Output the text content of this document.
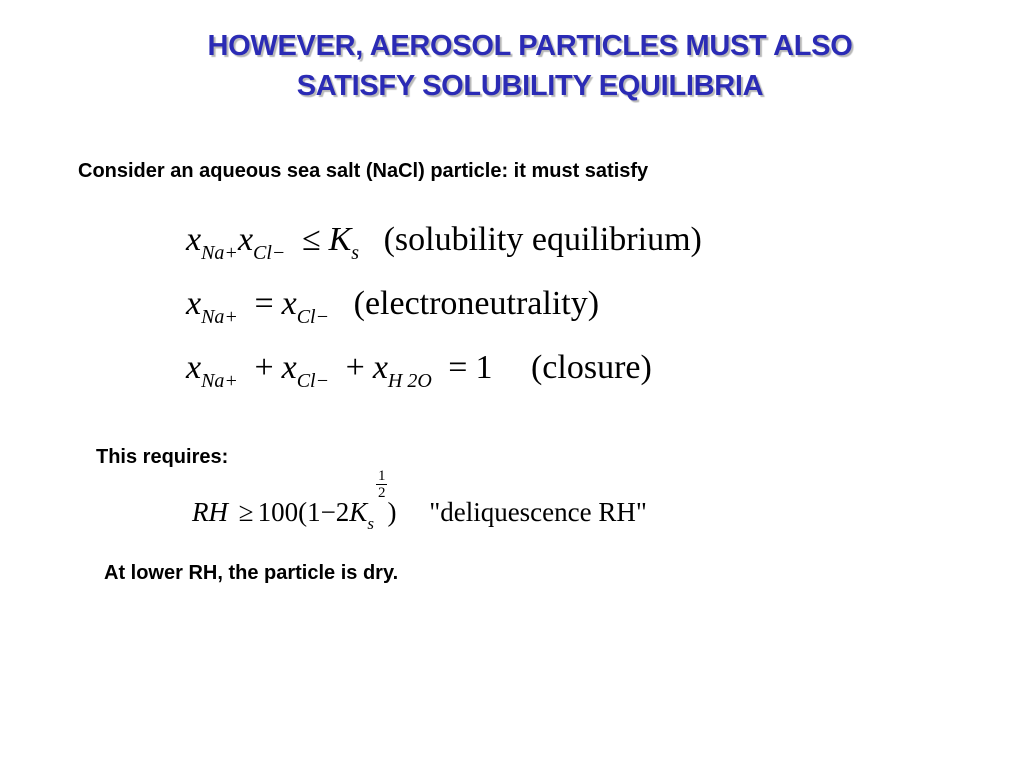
HOWEVER, AEROSOL PARTICLES MUST ALSO
SATISFY SOLUBILITY EQUILIBRIA
Consider an aqueous sea salt (NaCl) particle: it must satisfy
$x_{Na+}x_{Cl-} \le K_s$ (solubility equilibrium)
$x_{Na+} = x_{Cl-}$ (electroneutrality)
$x_{Na+} + x_{Cl-} + x_{H 2O} = 1$ (closure)
This requires:
RH ≥ $100(1-2K_s$
$\frac{1}{2}$
) "deliquescence RH"
At lower RH, the particle is dry.
